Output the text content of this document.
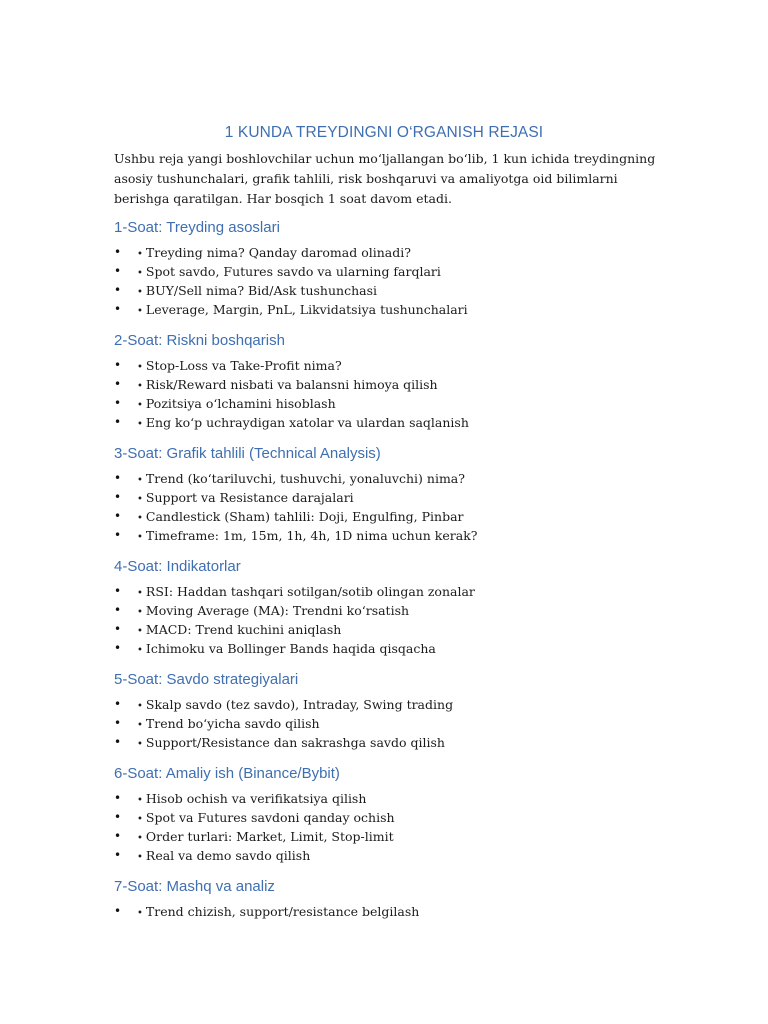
1 KUNDA TREYDINGNI O‘RGANISH REJASI

Ushbu reja yangi boshlovchilar uchun mo‘ljallangan bo‘lib, 1 kun ichida treydingning asosiy tushunchalari, grafik tahlili, risk boshqaruvi va amaliyotga oid bilimlarni berishga qaratilgan. Har bosqich 1 soat davom etadi.

1-Soat: Treyding asoslari
•	• Treyding nima? Qanday daromad olinadi?
•	• Spot savdo, Futures savdo va ularning farqlari
•	• BUY/Sell nima? Bid/Ask tushunchasi
•	• Leverage, Margin, PnL, Likvidatsiya tushunchalari
2-Soat: Riskni boshqarish
•	• Stop-Loss va Take-Profit nima?
•	• Risk/Reward nisbati va balansni himoya qilish
•	• Pozitsiya o‘lchamini hisoblash
•	• Eng ko‘p uchraydigan xatolar va ulardan saqlanish
3-Soat: Grafik tahlili (Technical Analysis)
•	• Trend (ko‘tariluvchi, tushuvchi, yonaluvchi) nima?
•	• Support va Resistance darajalari
•	• Candlestick (Sham) tahlili: Doji, Engulfing, Pinbar
•	• Timeframe: 1m, 15m, 1h, 4h, 1D nima uchun kerak?
4-Soat: Indikatorlar
•	• RSI: Haddan tashqari sotilgan/sotib olingan zonalar
•	• Moving Average (MA): Trendni ko‘rsatish
•	• MACD: Trend kuchini aniqlash
•	• Ichimoku va Bollinger Bands haqida qisqacha
5-Soat: Savdo strategiyalari
•	• Skalp savdo (tez savdo), Intraday, Swing trading
•	• Trend bo‘yicha savdo qilish
•	• Support/Resistance dan sakrashga savdo qilish
6-Soat: Amaliy ish (Binance/Bybit)
•	• Hisob ochish va verifikatsiya qilish
•	• Spot va Futures savdoni qanday ochish
•	• Order turlari: Market, Limit, Stop-limit
•	• Real va demo savdo qilish
7-Soat: Mashq va analiz
•	• Trend chizish, support/resistance belgilash
